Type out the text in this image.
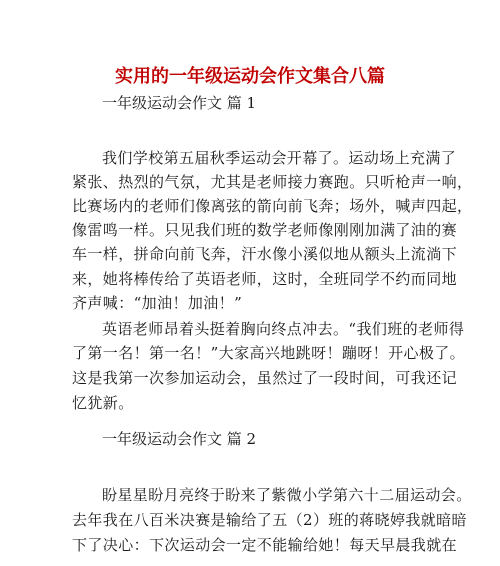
实用的一年级运动会作文集合八篇
一年级运动会作文 篇 1
我们学校第五届秋季运动会开幕了。运动场上充满了
紧张、热烈的气氛，尤其是老师接力赛跑。只听枪声一响，
比赛场内的老师们像离弦的箭向前飞奔；场外，喊声四起，
像雷鸣一样。只见我们班的数学老师像刚刚加满了油的赛
车一样，拼命向前飞奔，汗水像小溪似地从额头上流淌下
来，她将棒传给了英语老师，这时，全班同学不约而同地
齐声喊：“加油！加油！”
英语老师昂着头挺着胸向终点冲去。“我们班的老师得
了第一名！第一名！”大家高兴地跳呀！蹦呀！开心极了。
这是我第一次参加运动会，虽然过了一段时间，可我还记
忆犹新。
一年级运动会作文 篇 2
盼星星盼月亮终于盼来了紫微小学第六十二届运动会。
去年我在八百米决赛是输给了五（2）班的蒋晓婷我就暗暗
下了决心：下次运动会一定不能输给她！每天早晨我就在
